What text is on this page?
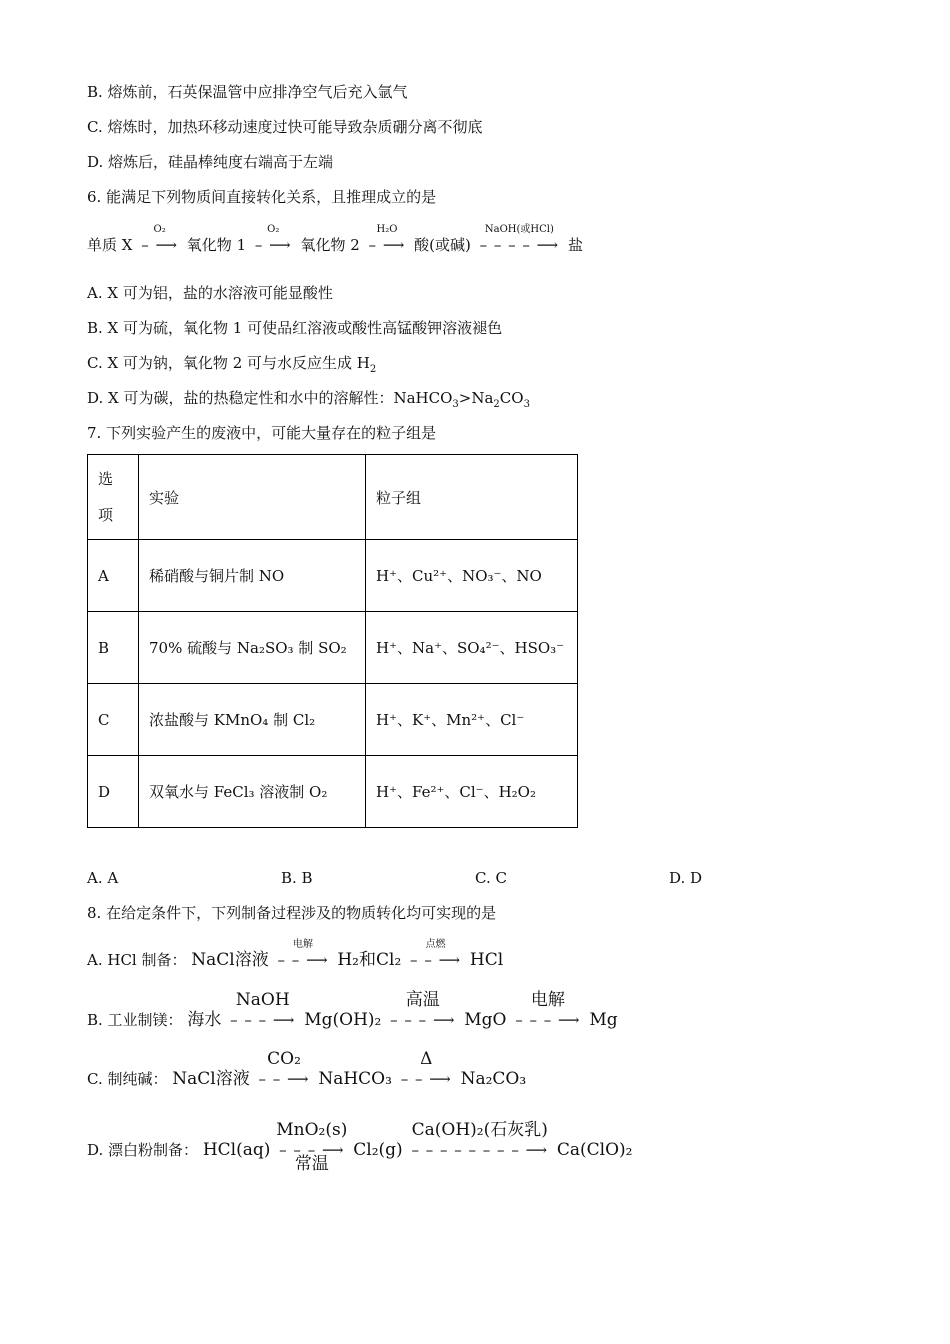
B. 熔炼前，石英保温管中应排净空气后充入氩气
C. 熔炼时，加热环移动速度过快可能导致杂质硼分离不彻底
D. 熔炼后，硅晶棒纯度右端高于左端
6. 能满足下列物质间直接转化关系，且推理成立的是
单质 X
O₂
– ⟶ 氧化物 1
O₂
– ⟶ 氧化物 2
H₂O
– ⟶ 酸(或碱)
NaOH(或HCl)
– – – – ⟶ 盐
A. X 可为铝，盐的水溶液可能显酸性
B. X 可为硫，氧化物 1 可使品红溶液或酸性高锰酸钾溶液褪色
C. X 可为钠，氧化物 2 可与水反应生成 $H_2$
D. X 可为碳，盐的热稳定性和水中的溶解性：$NaHCO_3>Na_2CO_3$
7. 下列实验产生的废液中，可能大量存在的粒子组是
选
项	实验	粒子组
A	稀硝酸与铜片制 NO	H⁺、Cu²⁺、NO₃⁻、NO
B	70% 硫酸与 Na₂SO₃ 制 SO₂	H⁺、Na⁺、SO₄²⁻、HSO₃⁻
C	浓盐酸与 KMnO₄ 制 Cl₂	H⁺、K⁺、Mn²⁺、Cl⁻
D	双氧水与 FeCl₃ 溶液制 O₂	H⁺、Fe²⁺、Cl⁻、H₂O₂
A. A	B. B	C. C	D. D
8. 在给定条件下，下列制备过程涉及的物质转化均可实现的是
A. HCl 制备： NaCl溶液
电解
– – ⟶ H₂和Cl₂
点燃
– – ⟶ HCl
B. 工业制镁： 海水
NaOH
– – – ⟶ Mg(OH)₂
高温
– – – ⟶ MgO
电解
– – – ⟶ Mg
C. 制纯碱： NaCl溶液
CO₂
– – ⟶ NaHCO₃
Δ
– – ⟶ Na₂CO₃
D. 漂白粉制备： HCl(aq)
MnO₂(s)
– – – ⟶
常温
Cl₂(g)
Ca(OH)₂(石灰乳)
– – – – – – – – ⟶ Ca(ClO)₂
